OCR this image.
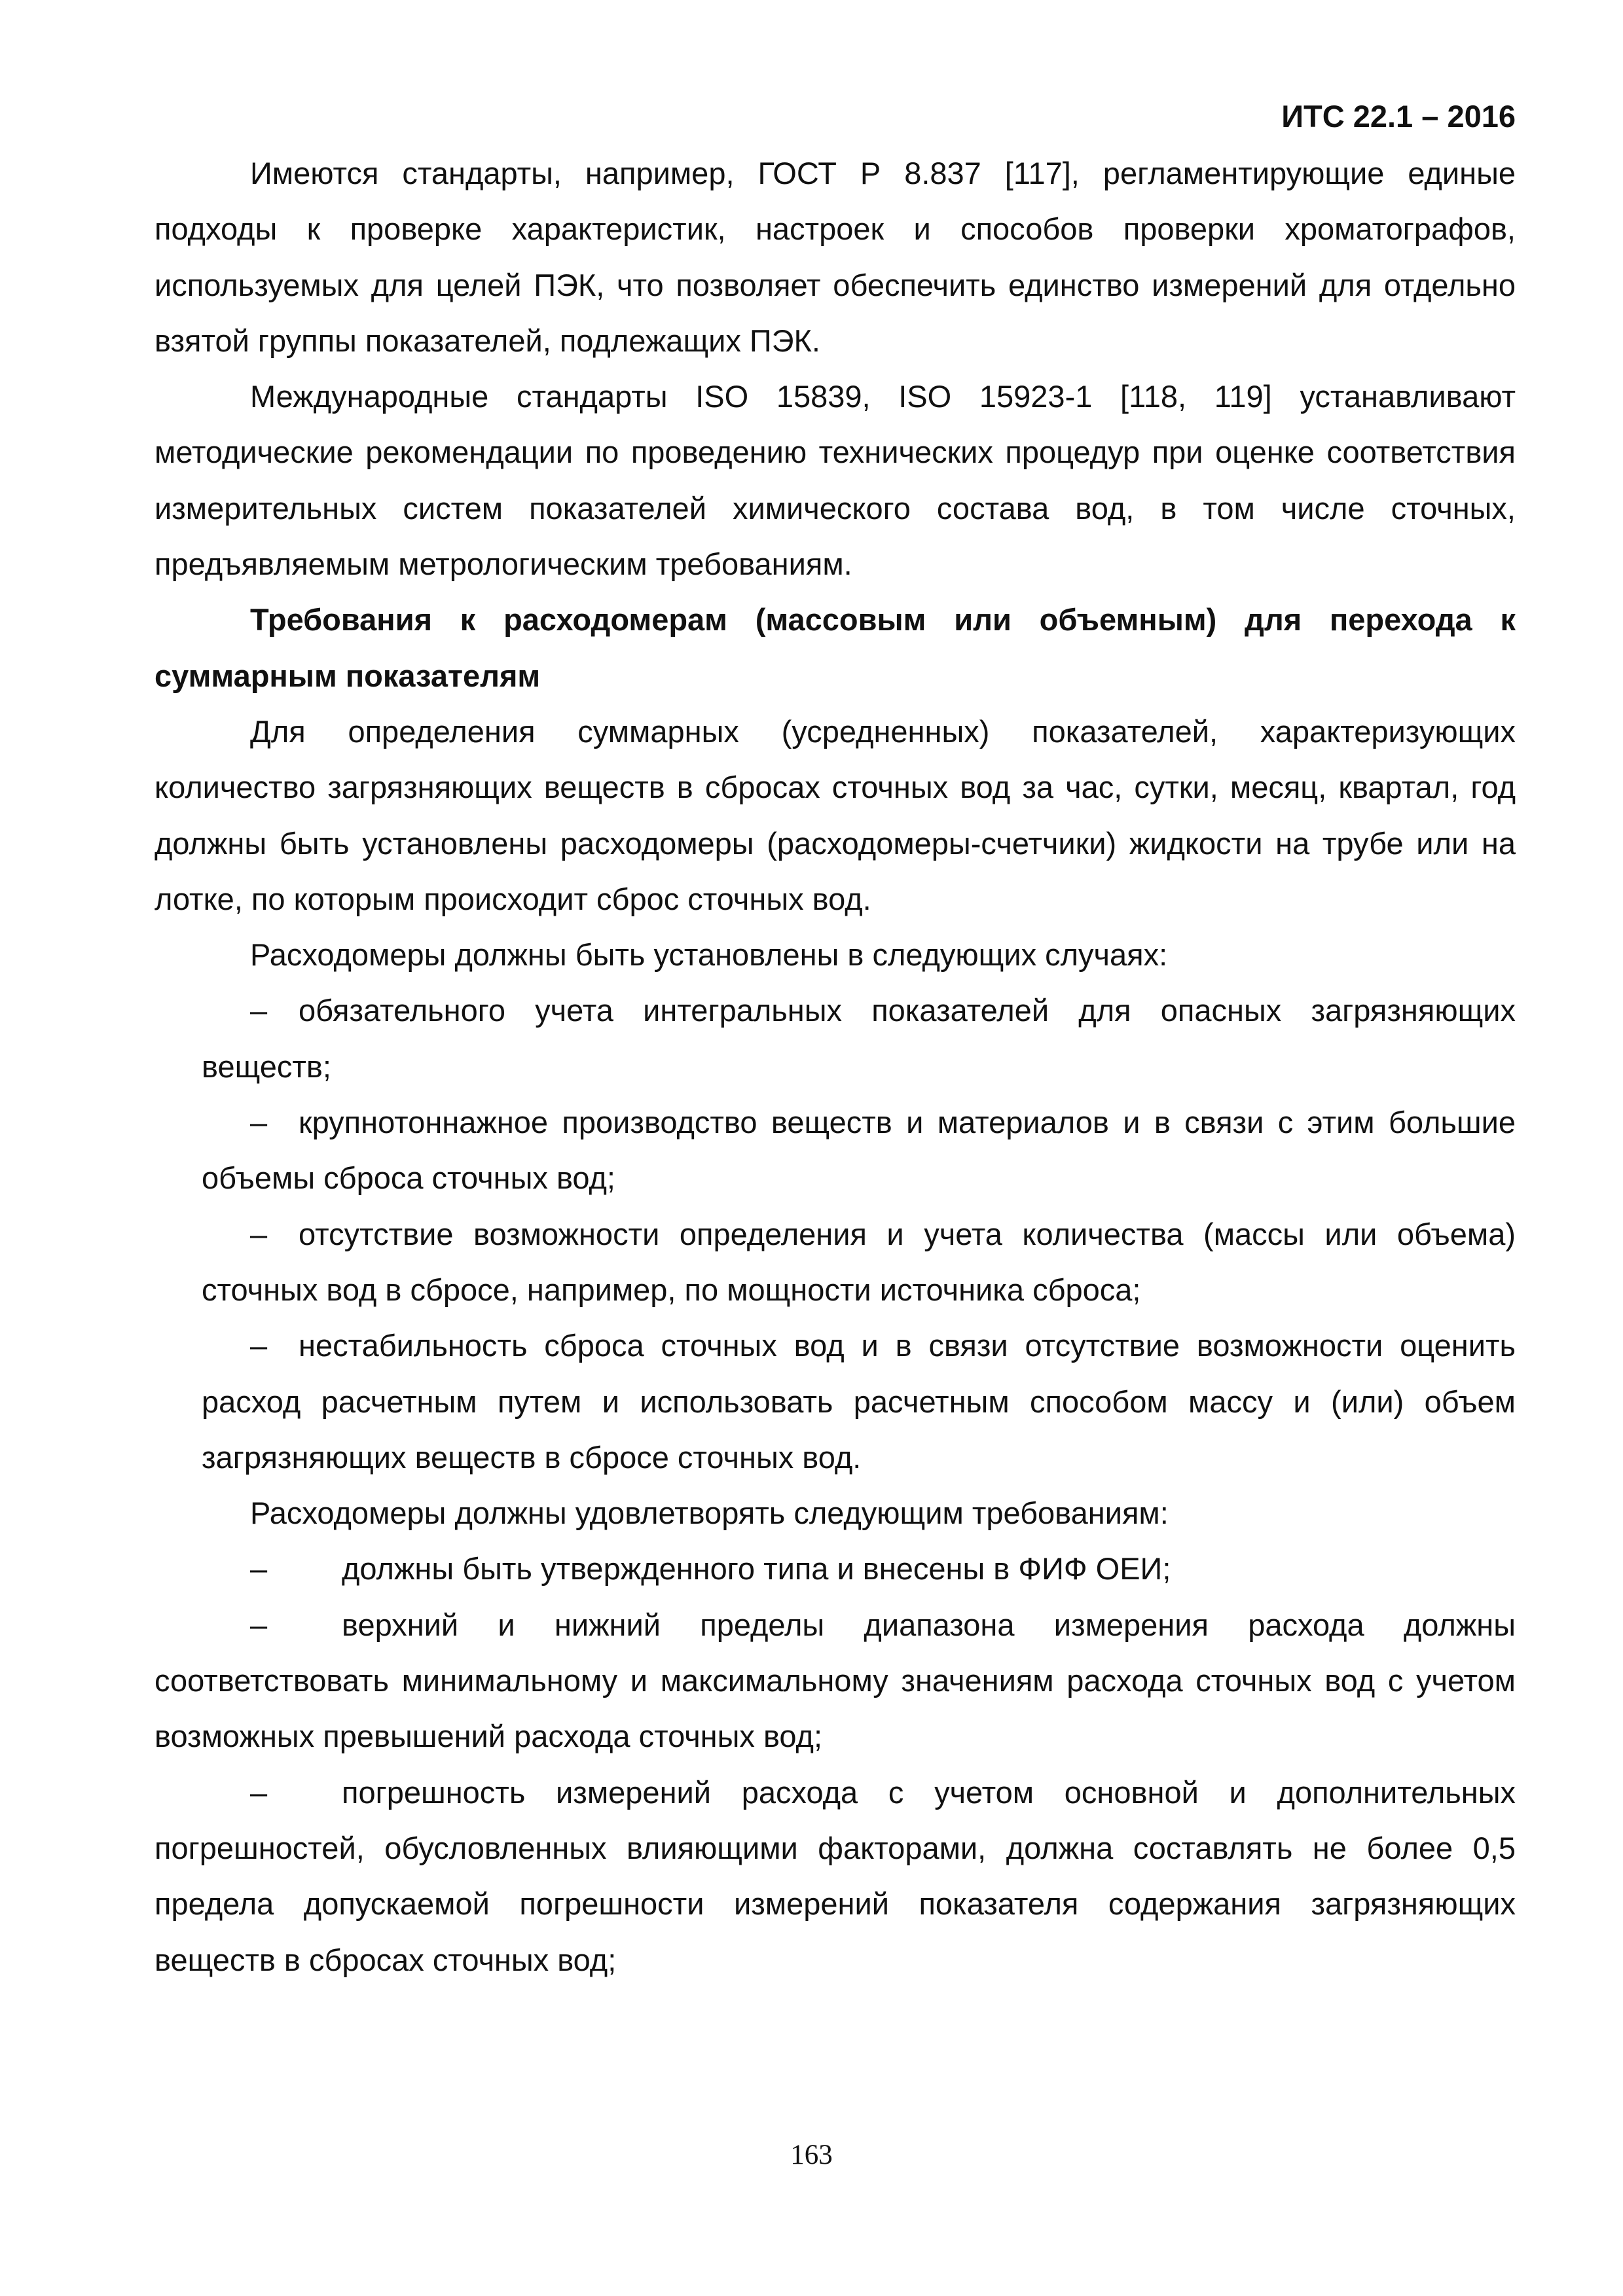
ИТС 22.1 – 2016

Имеются стандарты, например, ГОСТ Р 8.837 [117], регламентирующие единые подходы к проверке характеристик, настроек и способов проверки хроматографов, используемых для целей ПЭК, что позволяет обеспечить единство измерений для отдельно взятой группы показателей, подлежащих ПЭК.

Международные стандарты ISO 15839, ISO 15923-1 [118, 119] устанавливают методические рекомендации по проведению технических процедур при оценке соответствия измерительных систем показателей химического состава вод, в том числе сточных, предъявляемым метрологическим требованиям.

Требования к расходомерам (массовым или объемным) для перехода к суммарным показателям

Для определения суммарных (усредненных) показателей, характеризующих количество загрязняющих веществ в сбросах сточных вод за час, сутки, месяц, квартал, год должны быть установлены расходомеры (расходомеры-счетчики) жидкости на трубе или на лотке, по которым происходит сброс сточных вод.

Расходомеры должны быть установлены в следующих случаях:

– обязательного учета интегральных показателей для опасных загрязняющих веществ;

– крупнотоннажное производство веществ и материалов и в связи с этим большие объемы сброса сточных вод;

– отсутствие возможности определения и учета количества (массы или объема) сточных вод в сбросе, например, по мощности источника сброса;

– нестабильность сброса сточных вод и в связи отсутствие возможности оценить расход расчетным путем и использовать расчетным способом массу и (или) объем загрязняющих веществ в сбросе сточных вод.

Расходомеры должны удовлетворять следующим требованиям:

– должны быть утвержденного типа и внесены в ФИФ ОЕИ;

– верхний и нижний пределы диапазона измерения расхода должны соответствовать минимальному и максимальному значениям расхода сточных вод с учетом возможных превышений расхода сточных вод;

– погрешность измерений расхода с учетом основной и дополнительных погрешностей, обусловленных влияющими факторами, должна составлять не более 0,5 предела допускаемой погрешности измерений показателя содержания загрязняющих веществ в сбросах сточных вод;

163
